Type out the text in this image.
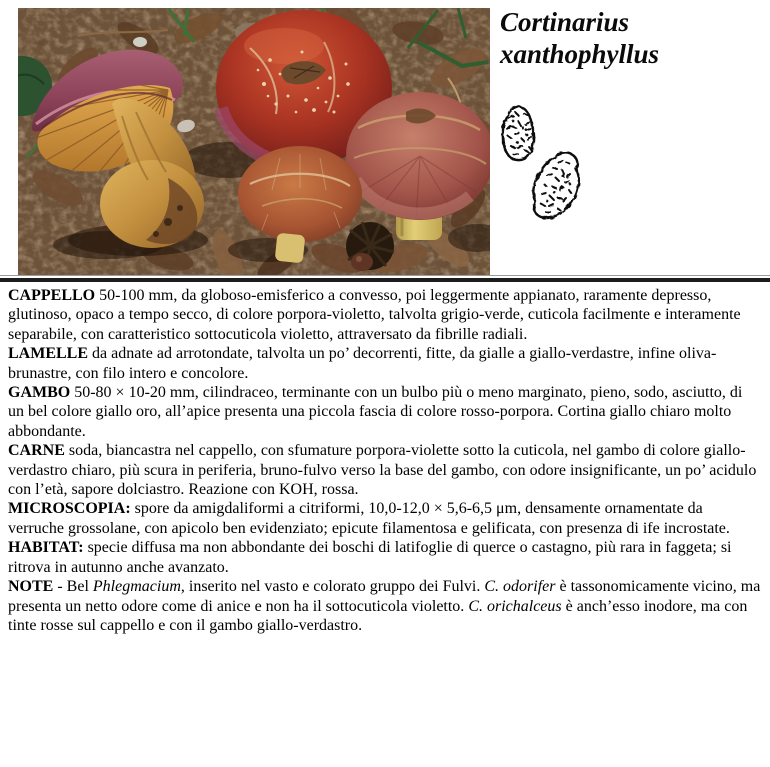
Cortinarius
xanthophyllus

CAPPELLO 50-100 mm, da globoso-emisferico a convesso, poi leggermente appianato, raramente depresso, glutinoso, opaco a tempo secco, di colore porpora-violetto, talvolta grigio-verde, cuticola facilmente e interamente separabile, con caratteristico sottocuticola violetto, attraversato da fibrille radiali.

LAMELLE da adnate ad arrotondate, talvolta un po’ decorrenti, fitte, da gialle a giallo-verdastre, infine oliva-brunastre, con filo intero e concolore.

GAMBO 50-80 × 10-20 mm, cilindraceo, terminante con un bulbo più o meno marginato, pieno, sodo, asciutto, di un bel colore giallo oro, all’apice presenta una piccola fascia di colore rosso-porpora. Cortina giallo chiaro molto abbondante.

CARNE soda, biancastra nel cappello, con sfumature porpora-violette sotto la cuticola, nel gambo di colore giallo-verdastro chiaro, più scura in periferia, bruno-fulvo verso la base del gambo, con odore insignificante, un po’ acidulo con l’età, sapore dolciastro. Reazione con KOH, rossa.

MICROSCOPIA: spore da amigdaliformi a citriformi, 10,0-12,0 × 5,6-6,5 μm, densamente ornamentate da verruche grossolane, con apicolo ben evidenziato; epicute filamentosa e gelificata, con presenza di ife incrostate.

HABITAT: specie diffusa ma non abbondante dei boschi di latifoglie di querce o castagno, più rara in faggeta; si ritrova in autunno anche avanzato.

NOTE - Bel Phlegmacium, inserito nel vasto e colorato gruppo dei Fulvi. C. odorifer è tassonomicamente vicino, ma presenta un netto odore come di anice e non ha il sottocuticola violetto. C. orichalceus è anch’esso inodore, ma con tinte rosse sul cappello e con il gambo giallo-verdastro.
